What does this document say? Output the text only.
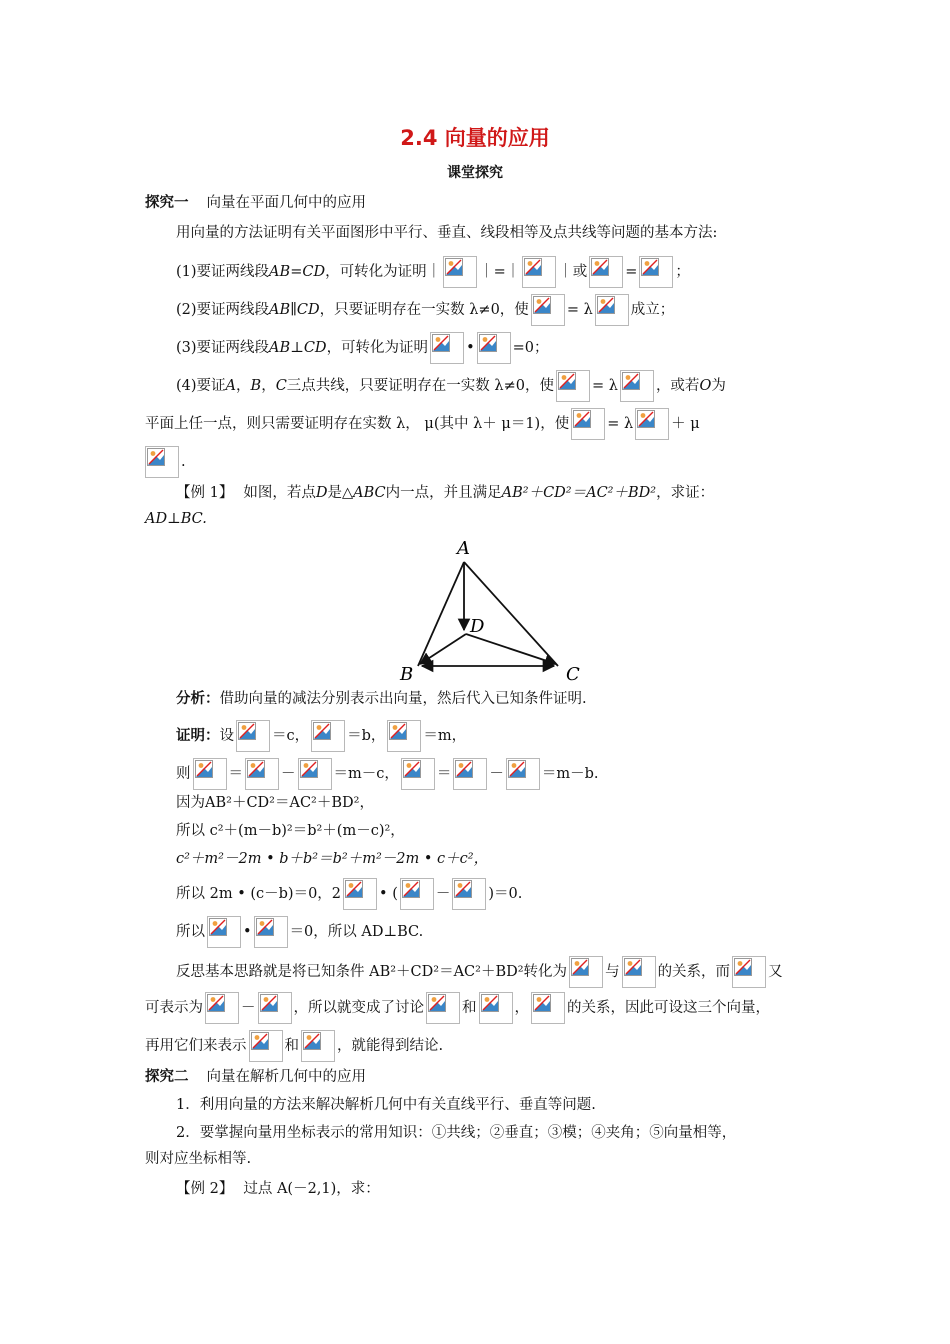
2.4 向量的应用
课堂探究
探究一 向量在平面几何中的应用
用向量的方法证明有关平面图形中平行、垂直、线段相等及点共线等问题的基本方法:
(1)要证两线段AB=CD，可转化为证明｜	｜=｜	｜或	=	；
(2)要证两线段AB∥CD，只要证明存在一实数 λ≠0，使	= λ	成立；
(3)要证两线段AB⊥CD，可转化为证明	•	=0；
(4)要证A，B，C三点共线，只要证明存在一实数 λ≠0，使	= λ	，或若O为
平面上任一点，则只需要证明存在实数 λ， μ(其中 λ＋ μ＝1)，使	= λ	＋ μ
.
【例 1】 如图，若点D是△ABC内一点，并且满足AB²＋CD²＝AC²＋BD²，求证：
AD⊥BC.
A
B	C
D
分析：借助向量的减法分别表示出向量，然后代入已知条件证明.
证明：设	＝c，	＝b，	＝m，
则	＝	－	＝m－c，	＝	－	＝m－b.
因为AB²＋CD²＝AC²＋BD²，
所以 c²＋(m－b)²＝b²＋(m－c)²，
c²＋m²－2m • b＋b²＝b²＋m²－2m • c＋c²，
所以 2m • (c－b)＝0，2	• (	－	)＝0.
所以	•	＝0，所以 AD⊥BC.
反思基本思路就是将已知条件 AB²＋CD²＝AC²＋BD²转化为	与	的关系，而	又
可表示为	－	，所以就变成了讨论	和	，	的关系，因此可设这三个向量，
再用它们来表示	和	，就能得到结论.
探究二 向量在解析几何中的应用
1．利用向量的方法来解决解析几何中有关直线平行、垂直等问题.
2．要掌握向量用坐标表示的常用知识：①共线；②垂直；③模；④夹角；⑤向量相等，
则对应坐标相等.
【例 2】 过点 A(－2,1)，求：
